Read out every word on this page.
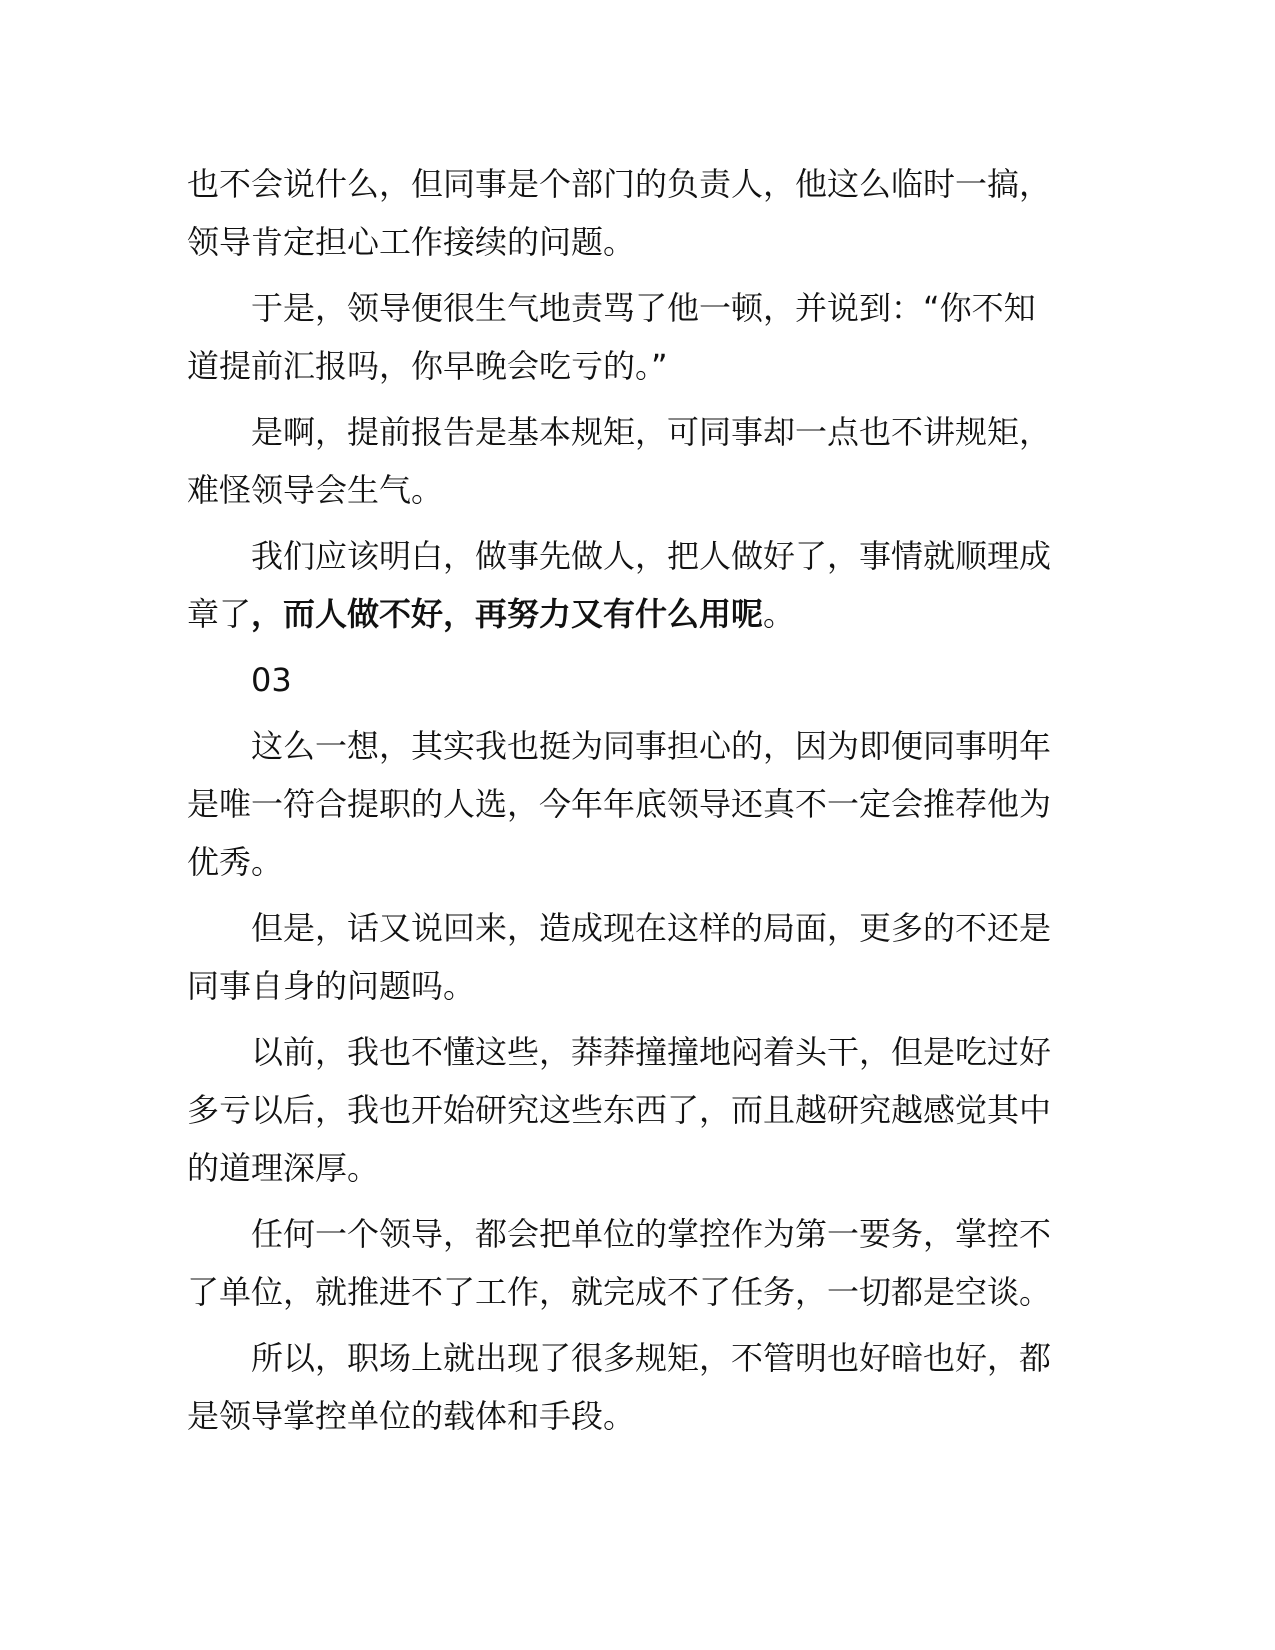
也不会说什么，但同事是个部门的负责人，他这么临时一搞，
领导肯定担心工作接续的问题。

于是，领导便很生气地责骂了他一顿，并说到：“你不知
道提前汇报吗，你早晚会吃亏的。”

是啊，提前报告是基本规矩，可同事却一点也不讲规矩，
难怪领导会生气。

我们应该明白，做事先做人，把人做好了，事情就顺理成
章了，而人做不好，再努力又有什么用呢。

03

这么一想，其实我也挺为同事担心的，因为即便同事明年
是唯一符合提职的人选，今年年底领导还真不一定会推荐他为
优秀。

但是，话又说回来，造成现在这样的局面，更多的不还是
同事自身的问题吗。

以前，我也不懂这些，莽莽撞撞地闷着头干，但是吃过好
多亏以后，我也开始研究这些东西了，而且越研究越感觉其中
的道理深厚。

任何一个领导，都会把单位的掌控作为第一要务，掌控不
了单位，就推进不了工作，就完成不了任务，一切都是空谈。

所以，职场上就出现了很多规矩，不管明也好暗也好，都
是领导掌控单位的载体和手段。
